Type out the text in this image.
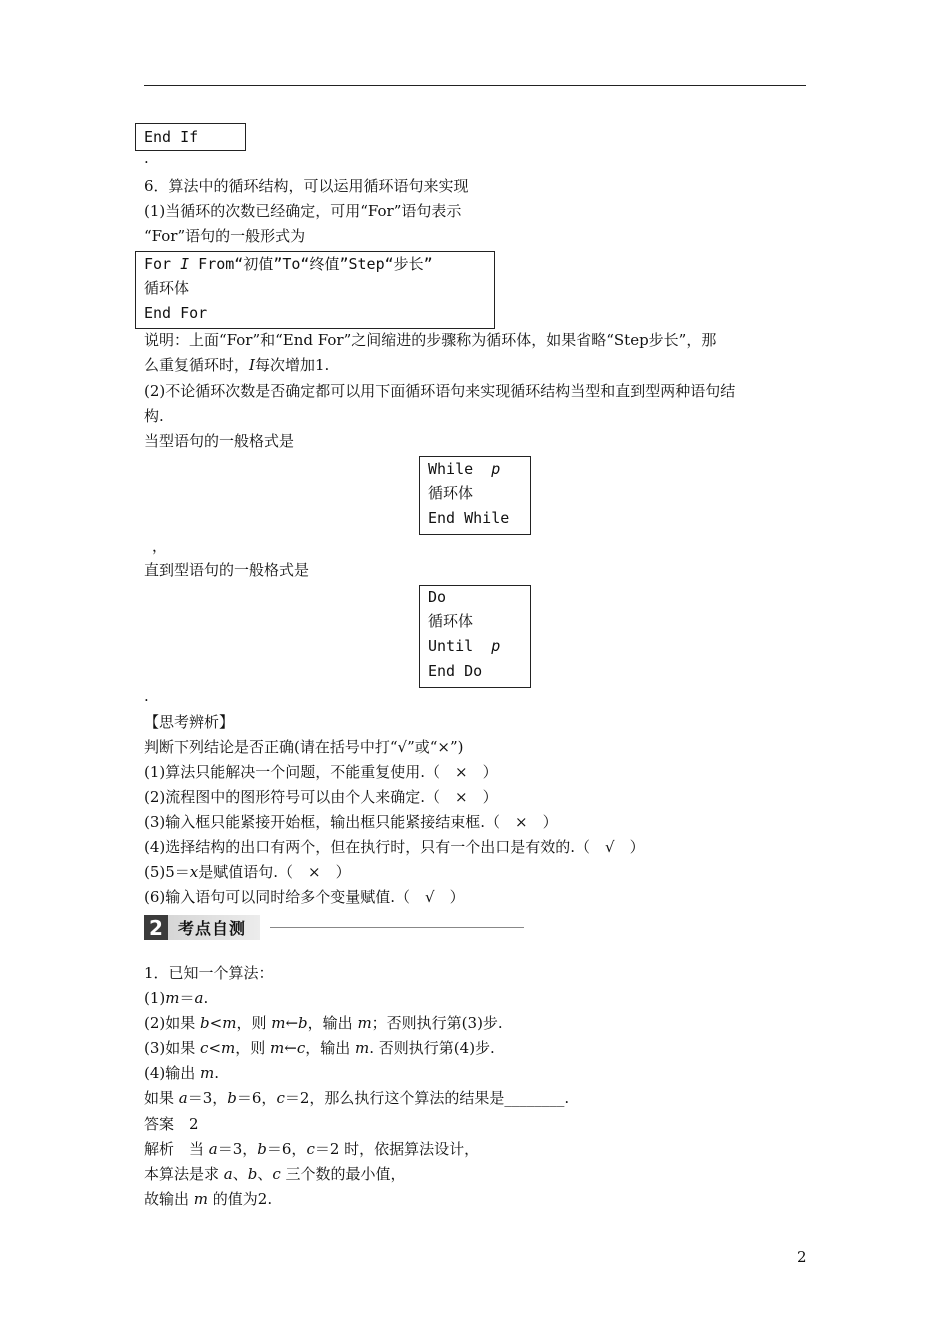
End If
.
6．算法中的循环结构，可以运用循环语句来实现
(1)当循环的次数已经确定，可用“For”语句表示
“For”语句的一般形式为
For I From“初值”To“终值”Step“步长”
循环体
End For
说明：上面“For”和“End For”之间缩进的步骤称为循环体，如果省略“Step步长”，那
么重复循环时，I每次增加1.
(2)不论循环次数是否确定都可以用下面循环语句来实现循环结构当型和直到型两种语句结
构.
当型语句的一般格式是
While  p
循环体
End While
，
直到型语句的一般格式是
Do
循环体
Until  p
End Do
.
【思考辨析】
判断下列结论是否正确(请在括号中打“√”或“×”)
(1)算法只能解决一个问题，不能重复使用.（　×　）
(2)流程图中的图形符号可以由个人来确定.（　×　）
(3)输入框只能紧接开始框，输出框只能紧接结束框.（　×　）
(4)选择结构的出口有两个，但在执行时，只有一个出口是有效的.（　√　）
(5)5＝x是赋值语句.（　×　）
(6)输入语句可以同时给多个变量赋值.（　√　）
2 考点自测
1．已知一个算法：
(1)m＝a.
(2)如果 b<m，则 m←b，输出 m；否则执行第(3)步.
(3)如果 c<m，则 m←c，输出 m. 否则执行第(4)步.
(4)输出 m.
如果 a＝3，b＝6，c＝2，那么执行这个算法的结果是________.
答案　2
解析　当 a＝3，b＝6，c＝2 时，依据算法设计，
本算法是求 a、b、c 三个数的最小值，
故输出 m 的值为2.
2
